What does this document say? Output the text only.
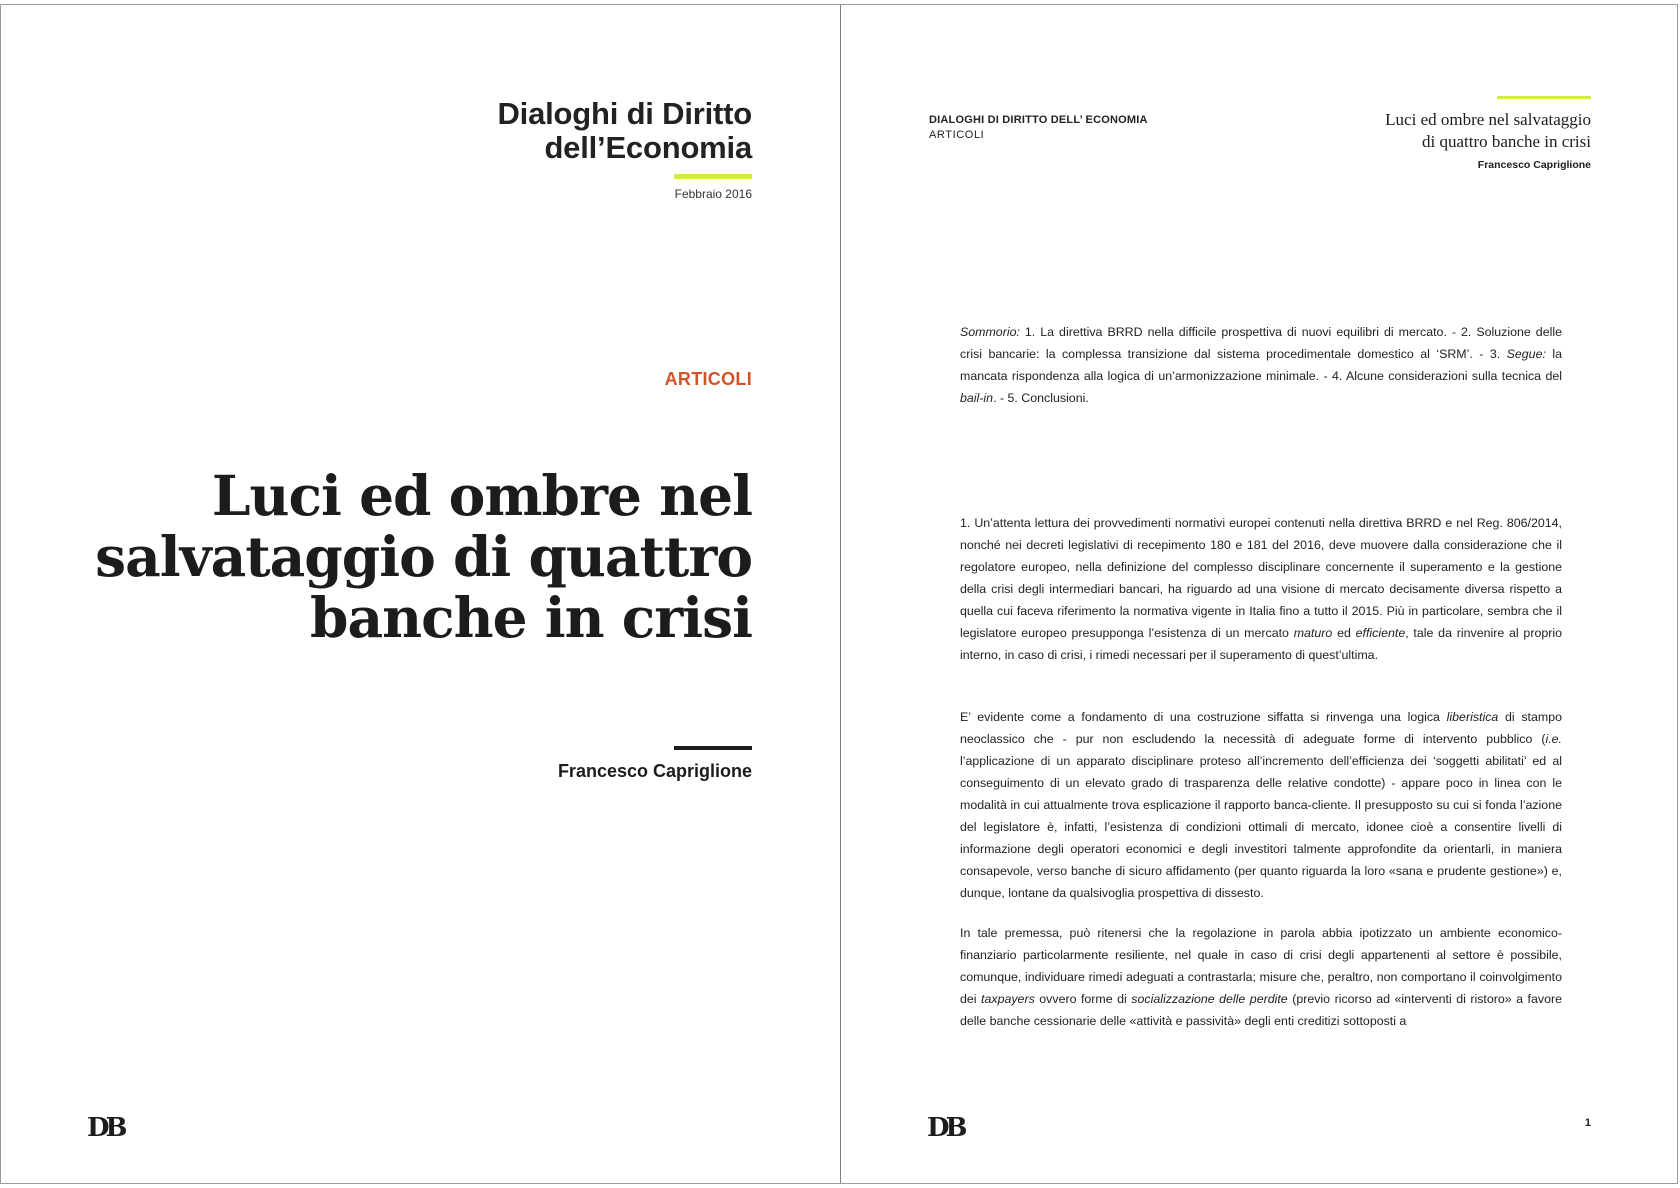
Dialoghi di Diritto
dell’Economia
Febbraio 2016
ARTICOLI
Luci ed ombre nel
salvataggio di quattro
banche in crisi
Francesco Capriglione
DB
DIALOGHI DI DIRITTO DELL’ ECONOMIA
ARTICOLI
Luci ed ombre nel salvataggio
di quattro banche in crisi
Francesco Capriglione

Sommorio: 1. La direttiva BRRD nella difficile prospettiva di nuovi equilibri di mercato. - 2. Soluzione delle crisi bancarie: la complessa transizione dal sistema procedimentale domestico al ‘SRM’. - 3. Segue: la mancata rispondenza alla logica di un’armonizzazione minimale. - 4. Alcune considerazioni sulla tecnica del bail-in. - 5. Conclusioni.

1. Un’attenta lettura dei provvedimenti normativi europei contenuti nella direttiva BRRD e nel Reg. 806/2014, nonché nei decreti legislativi di recepimento 180 e 181 del 2016, deve muovere dalla considerazione che il regolatore europeo, nella definizione del complesso disciplinare concernente il superamento e la gestione della crisi degli intermediari bancari, ha riguardo ad una visione di mercato decisamente diversa rispetto a quella cui faceva riferimento la normativa vigente in Italia fino a tutto il 2015. Più in particolare, sembra che il legislatore europeo presupponga l’esistenza di un mercato maturo ed efficiente, tale da rinvenire al proprio interno, in caso di crisi, i rimedi necessari per il superamento di quest’ultima.

E’ evidente come a fondamento di una costruzione siffatta si rinvenga una logica liberistica di stampo neoclassico che - pur non escludendo la necessità di adeguate forme di intervento pubblico (i.e. l’applicazione di un apparato disciplinare proteso all’incremento dell’efficienza dei ‘soggetti abilitati’ ed al conseguimento di un elevato grado di trasparenza delle relative condotte) - appare poco in linea con le modalità in cui attualmente trova esplicazione il rapporto banca-cliente. Il presupposto su cui si fonda l’azione del legislatore è, infatti, l’esistenza di condizioni ottimali di mercato, idonee cioè a consentire livelli di informazione degli operatori economici e degli investitori talmente approfondite da orientarli, in maniera consapevole, verso banche di sicuro affidamento (per quanto riguarda la loro «sana e prudente gestione») e, dunque, lontane da qualsivoglia prospettiva di dissesto.

In tale premessa, può ritenersi che la regolazione in parola abbia ipotizzato un ambiente economico-finanziario particolarmente resiliente, nel quale in caso di crisi degli appartenenti al settore è possibile, comunque, individuare rimedi adeguati a contrastarla; misure che, peraltro, non comportano il coinvolgimento dei taxpayers ovvero forme di socializzazione delle perdite (previo ricorso ad «interventi di ristoro» a favore delle banche cessionarie delle «attività e passività» degli enti creditizi sottoposti a

DB	1
